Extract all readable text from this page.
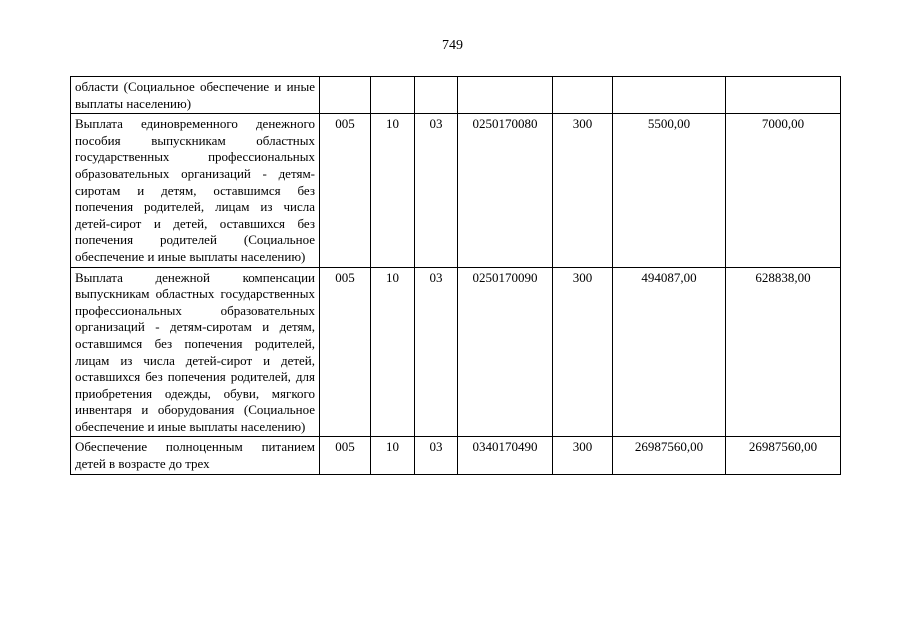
749
области (Социальное обеспечение и иные выплаты населению)							
Выплата единовременного денежного пособия выпускникам областных государственных профессиональных образовательных организаций - детям-сиротам и детям, оставшимся без попечения родителей, лицам из числа детей-сирот и детей, оставшихся без попечения родителей (Социальное обеспечение и иные выплаты населению)	005	10	03	0250170080	300	5500,00	7000,00
Выплата денежной компенсации выпускникам областных государственных профессиональных образовательных организаций - детям-сиротам и детям, оставшимся без попечения родителей, лицам из числа детей-сирот и детей, оставшихся без попечения родителей, для приобретения одежды, обуви, мягкого инвентаря и оборудования (Социальное обеспечение и иные выплаты населению)	005	10	03	0250170090	300	494087,00	628838,00
Обеспечение полноценным питанием детей в возрасте до трех	005	10	03	0340170490	300	26987560,00	26987560,00
